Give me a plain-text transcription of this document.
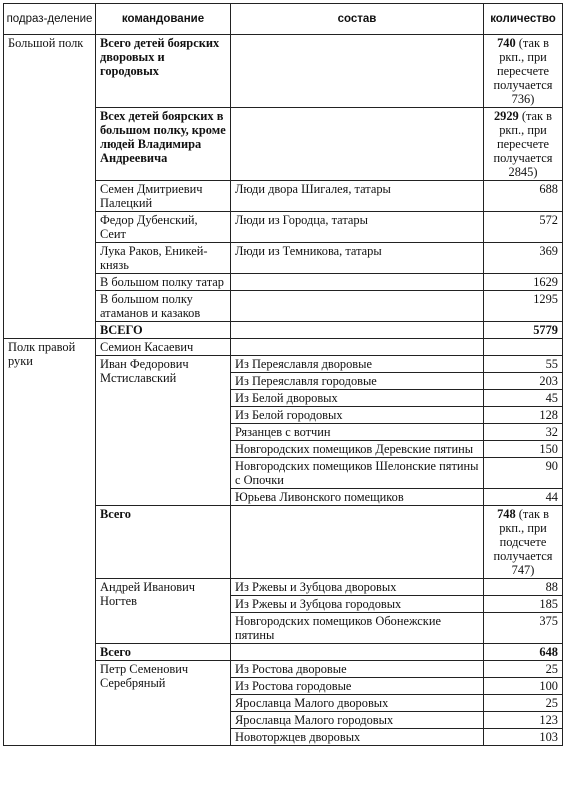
подраз-деление	командование	состав	количество
Большой полк	Всего детей боярских дворовых и городовых		740 (так в ркп., при пересчете получается 736)
	Всех детей боярских в большом полку, кроме людей Владимира Андреевича		2929 (так в ркп., при пересчете получается 2845)
	Семен Дмитриевич Палецкий	Люди двора Шигалея, татары	688
	Федор Дубенский, Сеит	Люди из Городца, татары	572
	Лука Раков, Еникей-князь	Люди из Темникова, татары	369
	В большом полку татар		1629
	В большом полку атаманов и казаков		1295
	ВСЕГО		5779
Полк правой руки	Семион Касаевич		
	Иван Федорович Мстиславский	Из Переяславля дворовые	55
		Из Переяславля городовые	203
		Из Белой дворовых	45
		Из Белой городовых	128
		Рязанцев с вотчин	32
		Новгородских помещиков Деревские пятины	150
		Новгородских помещиков Шелонские пятины с Опочки	90
		Юрьева Ливонского помещиков	44
	Всего		748 (так в ркп., при подсчете получается 747)
	Андрей Иванович Ногтев	Из Ржевы и Зубцова дворовых	88
		Из Ржевы и Зубцова городовых	185
		Новгородских помещиков Обонежские пятины	375
	Всего		648
	Петр Семенович Серебряный	Из Ростова дворовые	25
		Из Ростова городовые	100
		Ярославца Малого дворовых	25
		Ярославца Малого городовых	123
		Новоторжцев дворовых	103
